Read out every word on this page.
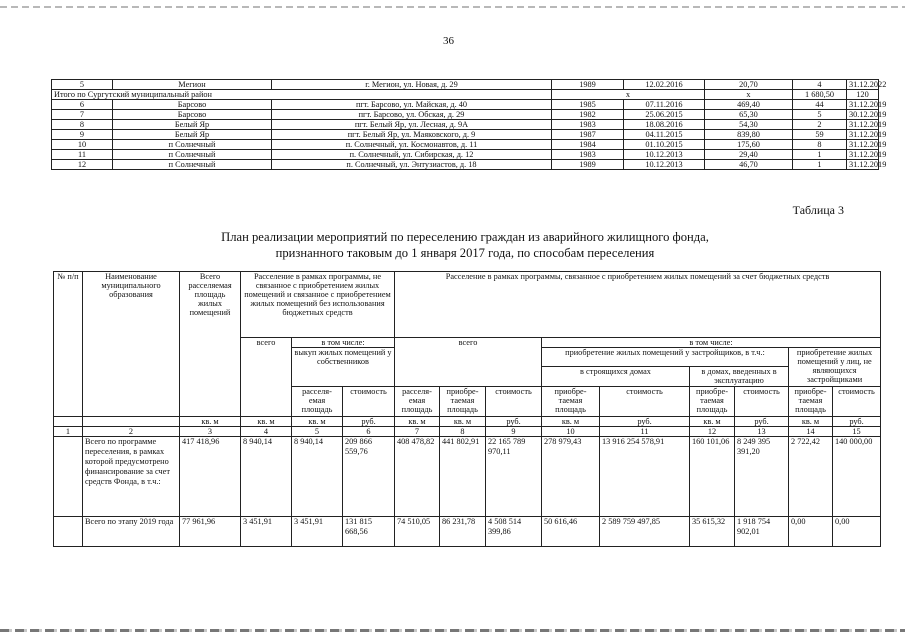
36
5	Мегион	г. Мегион, ул. Новая, д. 29	1989	12.02.2016	20,70	4	31.12.2022	
Итого по Сургутский муниципальный район			х		х	1 680,50	120	
6	Барсово	пгт. Барсово, ул. Майская, д. 40	1985	07.11.2016	469,40	44	31.12.2019	
7	Барсово	пгт. Барсово, ул. Обская, д. 29	1982	25.06.2015	65,30	5	30.12.2019	
8	Белый Яр	пгт. Белый Яр, ул. Лесная, д. 9А	1983	18.08.2016	54,30	2	31.12.2019	
9	Белый Яр	пгт. Белый Яр, ул. Маяковского, д. 9	1987	04.11.2015	839,80	59	31.12.2019	
10	п Солнечный	п. Солнечный, ул. Космонавтов, д. 11	1984	01.10.2015	175,60	8	31.12.2019	
11	п Солнечный	п. Солнечный, ул. Сибирская, д. 12	1983	10.12.2013	29,40	1	31.12.2019	
12	п Солнечный	п. Солнечный, ул. Энтузиастов, д. 18	1989	10.12.2013	46,70	1	31.12.2019	
Таблица 3
План реализации мероприятий по переселению граждан из аварийного жилищного фонда,
признанного таковым до 1 января 2017 года, по способам переселения
№ п/п	Наименование муниципального образования	Всего расселяемая площадь жилых помещений	Расселение в рамках программы, не связанное с приобретением жилых помещений и связанное с приобретением жилых помещений без использования бюджетных средств			Расселение в рамках программы, связанное с приобретением жилых помещений за счет бюджетных средств								
			всего	в том числе:		всего			в том числе:					
				выкуп жилых помещений у собственников					приобретение жилых помещений у застройщиков, в т.ч.:				приобретение жилых помещений у лиц, не являющихся застройщиками	
									в строящихся домах		в домах, введенных в эксплуатацию			
				расселя-емая площадь	стоимость	расселя-емая площадь	приобре-таемая площадь	стоимость	приобре-таемая площадь	стоимость	приобре-таемая площадь	стоимость	приобре-таемая площадь	стоимость
		кв. м	кв. м	кв. м	руб.	кв. м	кв. м	руб.	кв. м	руб.	кв. м	руб.	кв. м	руб.
1	2	3	4	5	6	7	8	9	10	11	12	13	14	15
	Всего по программе переселения, в рамках которой предусмотрено финансирование за счет средств Фонда, в т.ч.:	417 418,96	8 940,14	8 940,14	209 866 559,76	408 478,82	441 802,91	22 165 789 970,11	278 979,43	13 916 254 578,91	160 101,06	8 249 395 391,20	2 722,42	140 000,00
	Всего по этапу 2019 года	77 961,96	3 451,91	3 451,91	131 815 668,56	74 510,05	86 231,78	4 508 514 399,86	50 616,46	2 589 759 497,85	35 615,32	1 918 754 902,01	0,00	0,00
